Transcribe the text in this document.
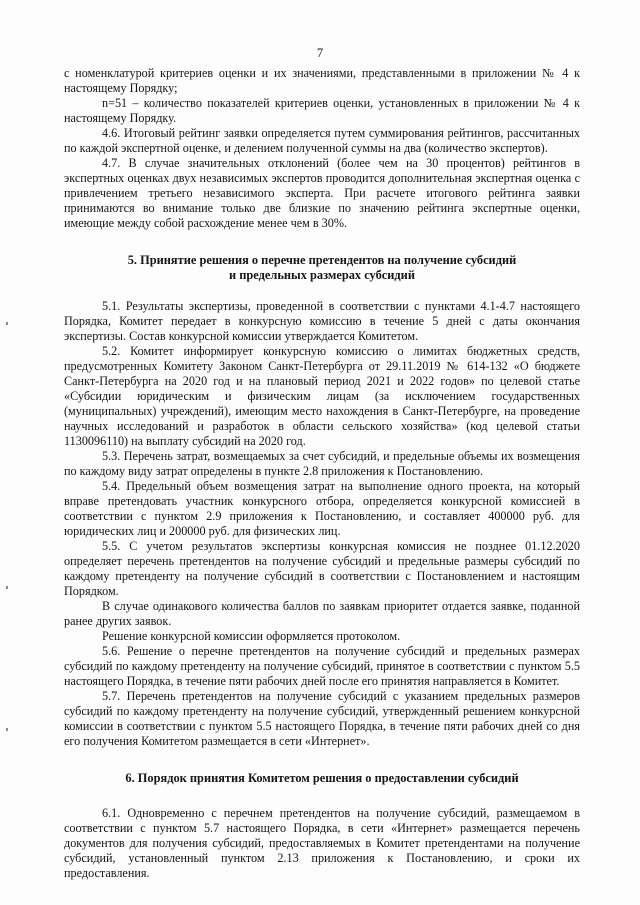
7

с номенклатурой критериев оценки и их значениями, представленными в приложении № 4 к настоящему Порядку;

n=51 – количество показателей критериев оценки, установленных в приложении № 4 к настоящему Порядку.

4.6. Итоговый рейтинг заявки определяется путем суммирования рейтингов, рассчитанных по каждой экспертной оценке, и делением полученной суммы на два (количество экспертов).

4.7. В случае значительных отклонений (более чем на 30 процентов) рейтингов в экспертных оценках двух независимых экспертов проводится дополнительная экспертная оценка с привлечением третьего независимого эксперта. При расчете итогового рейтинга заявки принимаются во внимание только две близкие по значению рейтинга экспертные оценки, имеющие между собой расхождение менее чем в 30%.

5. Принятие решения о перечне претендентов на получение субсидий
и предельных размерах субсидий

5.1. Результаты экспертизы, проведенной в соответствии с пунктами 4.1-4.7 настоящего Порядка, Комитет передает в конкурсную комиссию в течение 5 дней с даты окончания экспертизы. Состав конкурсной комиссии утверждается Комитетом.

5.2. Комитет информирует конкурсную комиссию о лимитах бюджетных средств, предусмотренных Комитету Законом Санкт-Петербурга от 29.11.2019 № 614-132 «О бюджете Санкт-Петербурга на 2020 год и на плановый период 2021 и 2022 годов» по целевой статье «Субсидии юридическим и физическим лицам (за исключением государственных (муниципальных) учреждений), имеющим место нахождения в Санкт-Петербурге, на проведение научных исследований и разработок в области сельского хозяйства» (код целевой статьи 1130096110) на выплату субсидий на 2020 год.

5.3. Перечень затрат, возмещаемых за счет субсидий, и предельные объемы их возмещения по каждому виду затрат определены в пункте 2.8 приложения к Постановлению.

5.4. Предельный объем возмещения затрат на выполнение одного проекта, на который вправе претендовать участник конкурсного отбора, определяется конкурсной комиссией в соответствии с пунктом 2.9 приложения к Постановлению, и составляет 400000 руб. для юридических лиц и 200000 руб. для физических лиц.

5.5. С учетом результатов экспертизы конкурсная комиссия не позднее 01.12.2020 определяет перечень претендентов на получение субсидий и предельные размеры субсидий по каждому претенденту на получение субсидий в соответствии с Постановлением и настоящим Порядком.

В случае одинакового количества баллов по заявкам приоритет отдается заявке, поданной ранее других заявок.

Решение конкурсной комиссии оформляется протоколом.

5.6. Решение о перечне претендентов на получение субсидий и предельных размерах субсидий по каждому претенденту на получение субсидий, принятое в соответствии с пунктом 5.5 настоящего Порядка, в течение пяти рабочих дней после его принятия направляется в Комитет.

5.7. Перечень претендентов на получение субсидий с указанием предельных размеров субсидий по каждому претенденту на получение субсидий, утвержденный решением конкурсной комиссии в соответствии с пунктом 5.5 настоящего Порядка, в течение пяти рабочих дней со дня его получения Комитетом размещается в сети «Интернет».

6. Порядок принятия Комитетом решения о предоставлении субсидий

6.1. Одновременно с перечнем претендентов на получение субсидий, размещаемом в соответствии с пунктом 5.7 настоящего Порядка, в сети «Интернет» размещается перечень документов для получения субсидий, предоставляемых в Комитет претендентами на получение субсидий, установленный пунктом 2.13 приложения к Постановлению, и сроки их предоставления.
